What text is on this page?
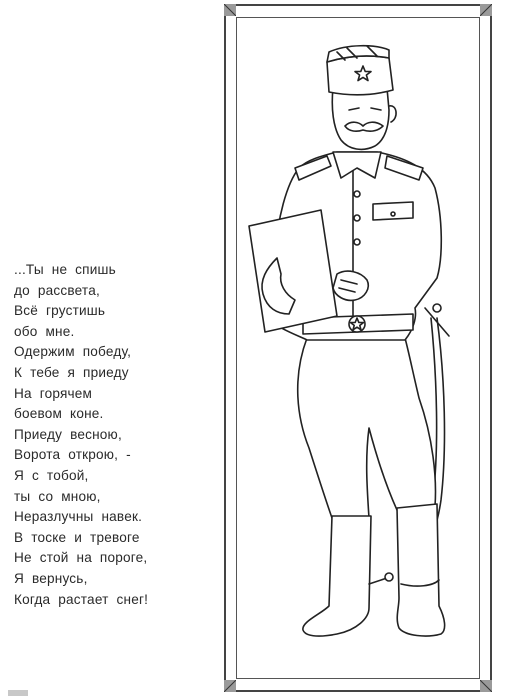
...Ты  не  спишь
до  рассвета,
Всё  грустишь
обо  мне.
Одержим  победу,
К  тебе  я  приеду
На  горячем
боевом  коне.
Приеду  весною,
Ворота  открою,  -
Я  с  тобой,
ты  со  мною,
Неразлучны  навек.
В  тоске  и  тревоге
Не  стой  на  пороге,
Я  вернусь,
Когда  растает  снег!
